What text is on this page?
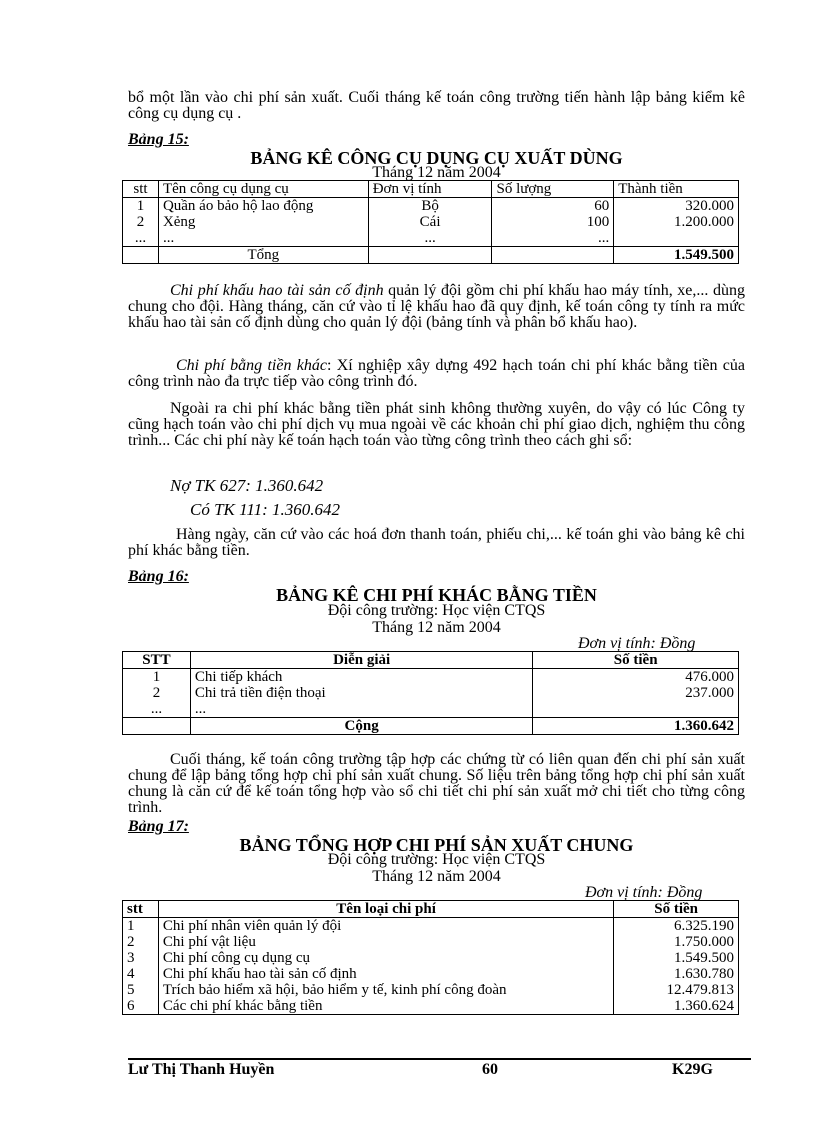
bổ một lần vào chi phí sản xuất. Cuối tháng kế toán công trường tiến hành lập bảng kiểm kê công cụ dụng cụ .
Bảng 15:
BẢNG KÊ CÔNG CỤ DỤNG CỤ XUẤT DÙNG
Tháng 12 năm 2004
stt	Tên công cụ dụng cụ	Đơn vị tính	Số lượng	Thành tiền
1	Quần áo bảo hộ lao động	Bộ	60	320.000
2	Xẻng	Cái	100	1.200.000
...	...	...	...	
	Tổng			1.549.500
Chi phí khấu hao tài sản cố định quản lý đội gồm chi phí khấu hao máy tính, xe,... dùng chung cho đội. Hàng tháng, căn cứ vào tỉ lệ khấu hao đã quy định, kế toán công ty tính ra mức khấu hao tài sản cố định dùng cho quản lý đội (bảng tính và phân bổ khấu hao).
Chi phí bằng tiền khác: Xí nghiệp xây dựng 492 hạch toán chi phí khác bằng tiền của công trình nào đa trực tiếp vào công trình đó.
Ngoài ra chi phí khác bằng tiền phát sinh không thường xuyên, do vậy có lúc Công ty cũng hạch toán vào chi phí dịch vụ mua ngoài về các khoản chi phí giao dịch, nghiệm thu công trình... Các chi phí này kế toán hạch toán vào từng công trình theo cách ghi sổ:
Nợ TK 627: 1.360.642
Có TK 111: 1.360.642
Hàng ngày, căn cứ vào các hoá đơn thanh toán, phiếu chi,... kế toán ghi vào bảng kê chi phí khác bằng tiền.
Bảng 16:
BẢNG KÊ CHI PHÍ KHÁC BẰNG TIỀN
Đội công trường: Học viện CTQS
Tháng 12 năm 2004
Đơn vị tính: Đồng
STT	Diễn giải	Số tiền
1	Chi tiếp khách	476.000
2	Chi trả tiền điện thoại	237.000
...	...	
	Cộng	1.360.642
Cuối tháng, kế toán công trường tập hợp các chứng từ có liên quan đến chi phí sản xuất chung để lập bảng tổng hợp chi phí sản xuất chung. Số liệu trên bảng tổng hợp chi phí sản xuất chung là căn cứ để kế toán tổng hợp vào sổ chi tiết chi phí sản xuất mở chi tiết cho từng công trình.
Bảng 17:
BẢNG TỔNG HỢP CHI PHÍ SẢN XUẤT CHUNG
Đội công trường: Học viện CTQS
Tháng 12 năm 2004
Đơn vị tính: Đồng
stt	Tên loại chi phí	Số tiền
1	Chi phí nhân viên quản lý đội	6.325.190
2	Chi phí vật liệu	1.750.000
3	Chi phí công cụ dụng cụ	1.549.500
4	Chi phí khấu hao tài sản cố định	1.630.780
5	Trích bảo hiểm xã hội, bảo hiểm y tế, kinh phí công đoàn	12.479.813
6	Các chi phí khác bằng tiền	1.360.624
Lư Thị Thanh Huyền	60	K29G
